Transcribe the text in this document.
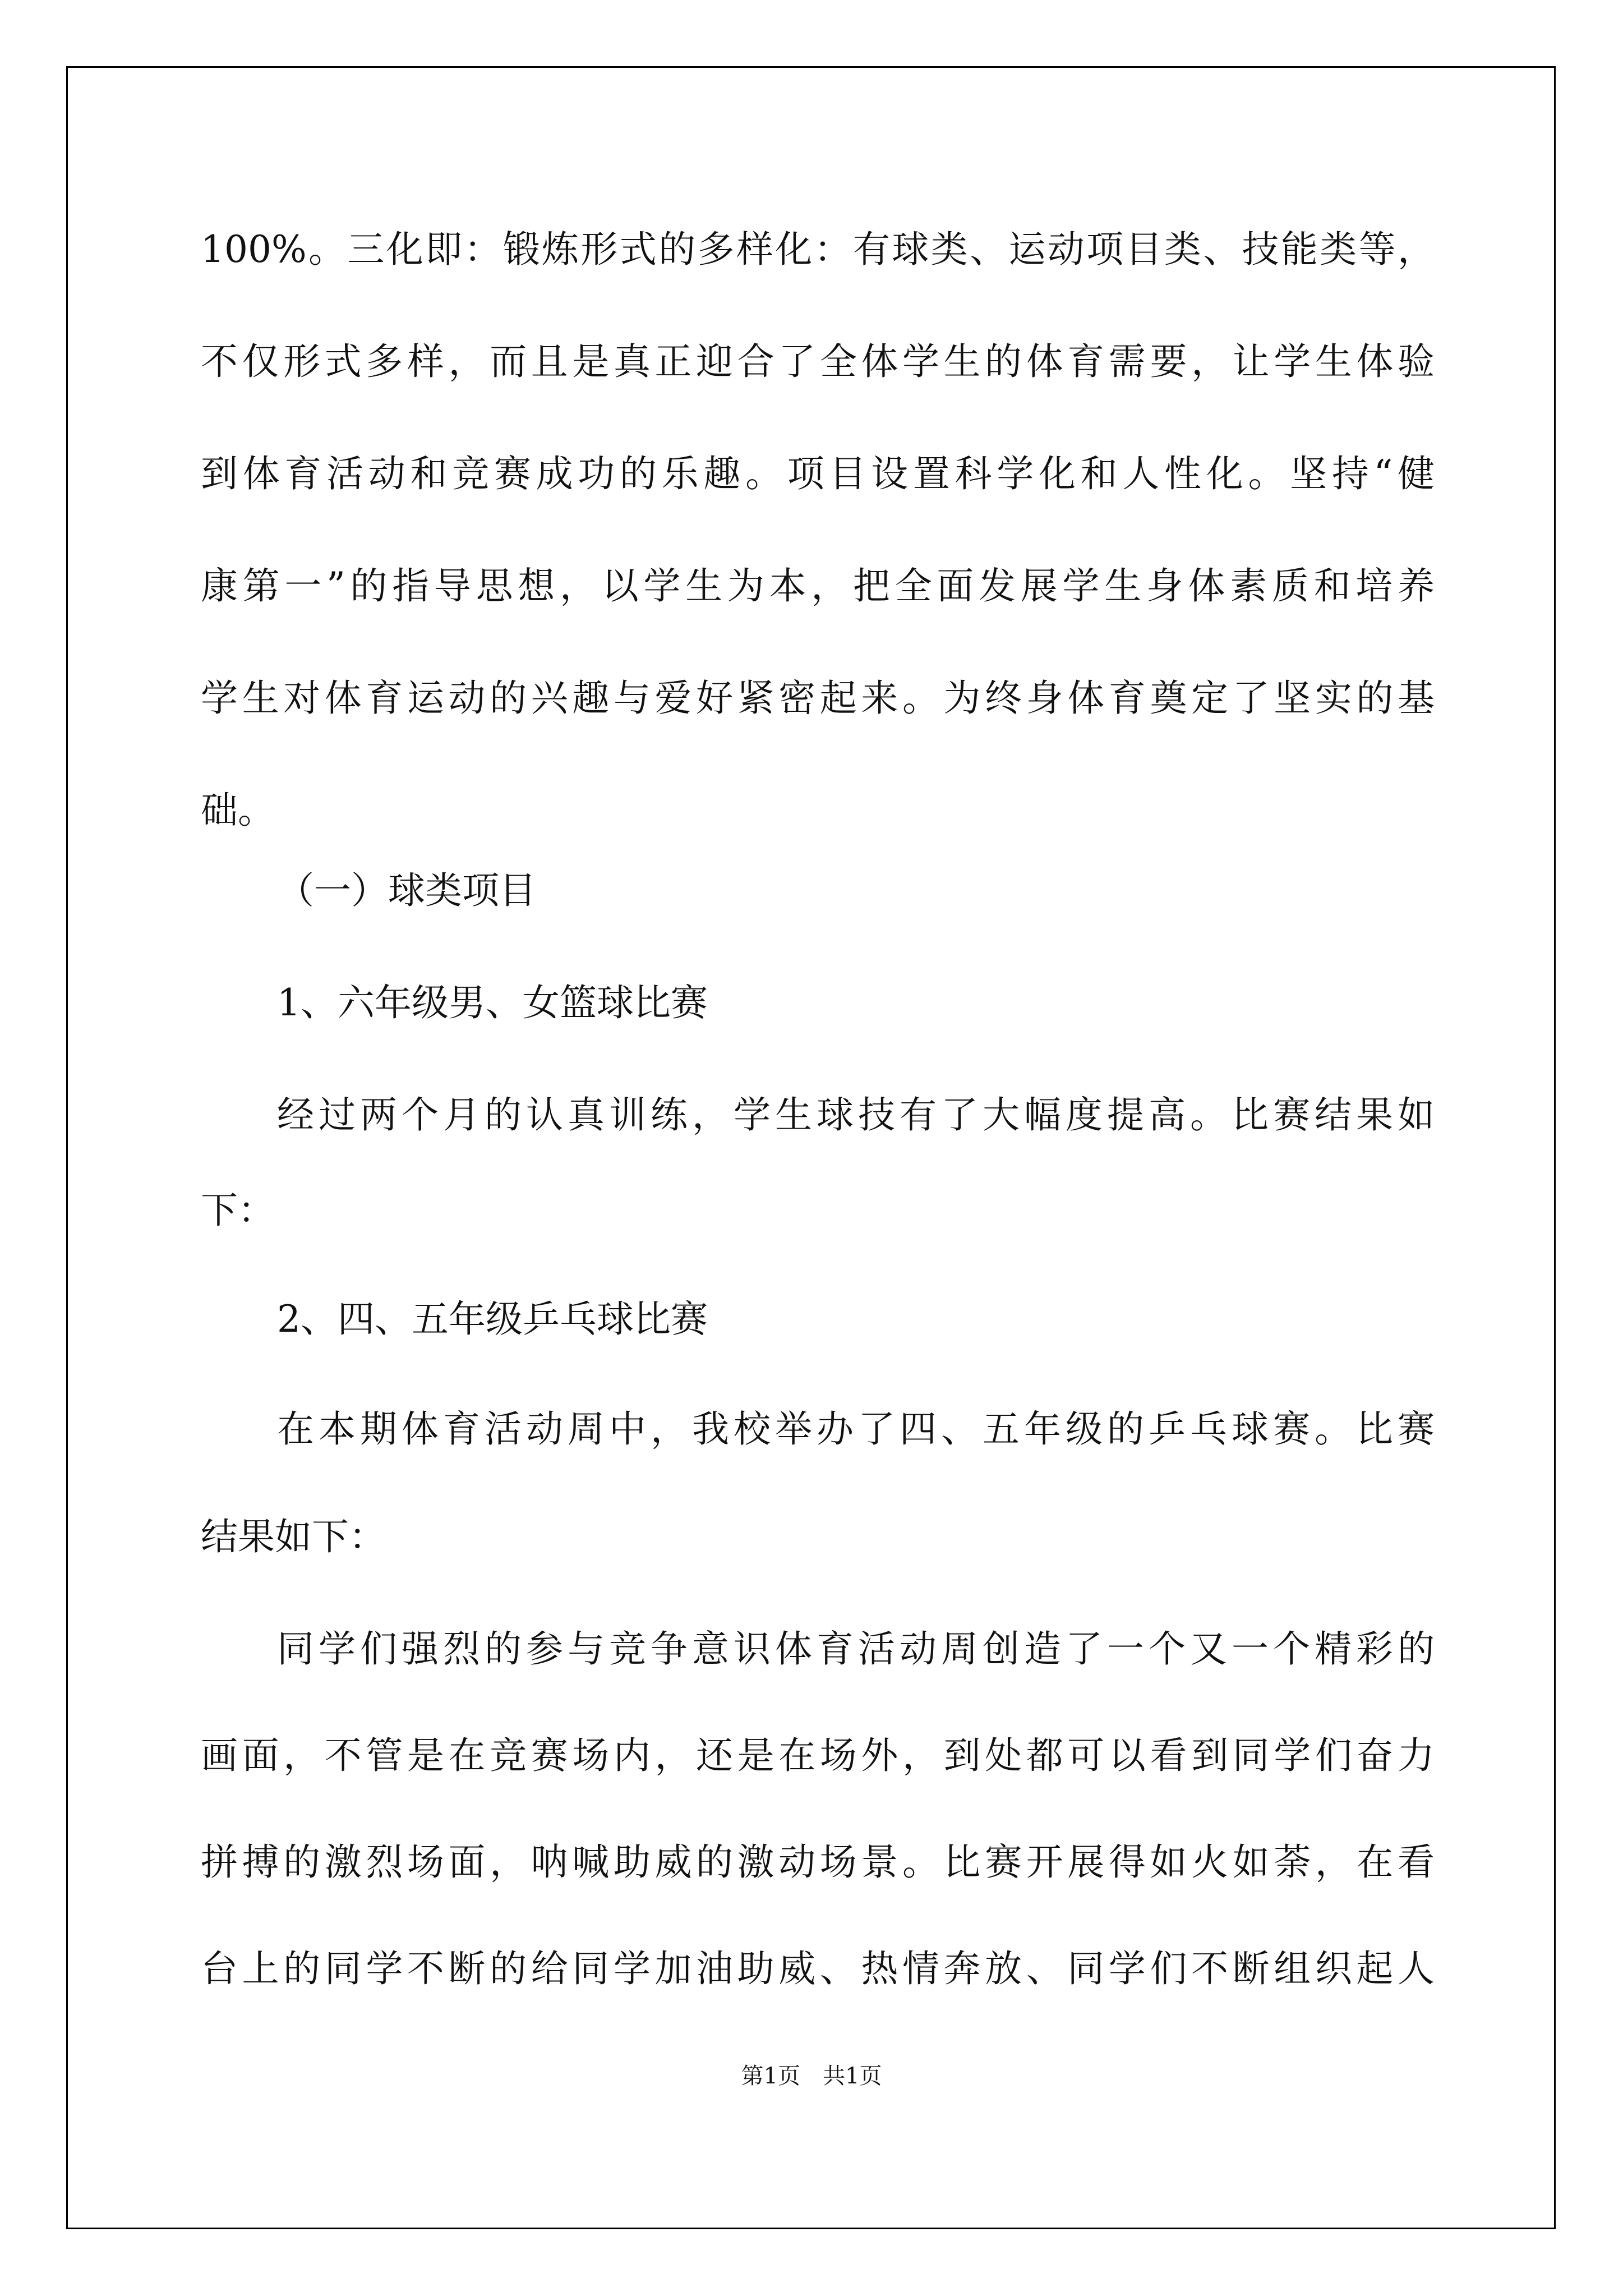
100%。三化即：锻炼形式的多样化：有球类、运动项目类、技能类等，
不仅形式多样，而且是真正迎合了全体学生的体育需要，让学生体验
到体育活动和竞赛成功的乐趣。项目设置科学化和人性化。坚持“健
康第一”的指导思想，以学生为本，把全面发展学生身体素质和培养
学生对体育运动的兴趣与爱好紧密起来。为终身体育奠定了坚实的基
础。
（一）球类项目
1、六年级男、女篮球比赛
经过两个月的认真训练，学生球技有了大幅度提高。比赛结果如
下：
2、四、五年级乒乓球比赛
在本期体育活动周中，我校举办了四、五年级的乒乓球赛。比赛
结果如下：
同学们强烈的参与竞争意识体育活动周创造了一个又一个精彩的
画面，不管是在竞赛场内，还是在场外，到处都可以看到同学们奋力
拼搏的激烈场面，呐喊助威的激动场景。比赛开展得如火如荼，在看
台上的同学不断的给同学加油助威、热情奔放、同学们不断组织起人
第1页　共1页
